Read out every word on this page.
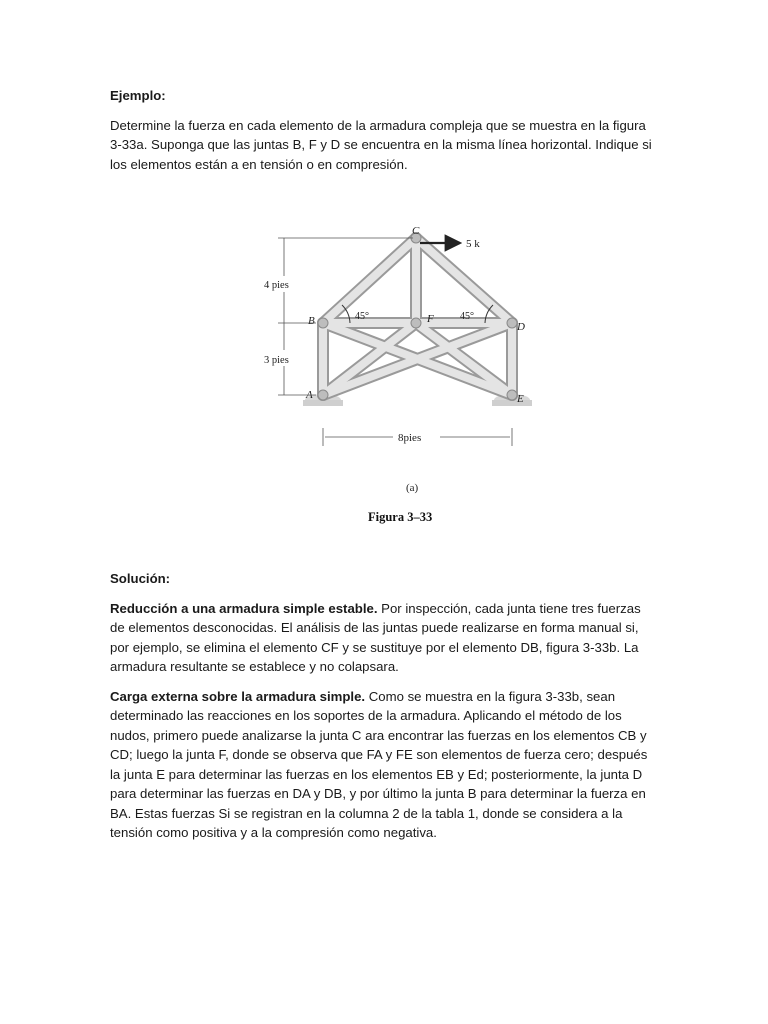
Ejemplo:

Determine la fuerza en cada elemento de la armadura compleja que se muestra en la figura 3-33a. Suponga que las juntas B, F y D se encuentra en la misma línea horizontal. Indique si los elementos están a en tensión o en compresión.

5 k
45°	45°
C
B	F
D
A	E
4 pies
3 pies
8pies
(a)
Figura 3–33

Solución:

Reducción a una armadura simple estable. Por inspección, cada junta tiene tres fuerzas de elementos desconocidas. El análisis de las juntas puede realizarse en forma manual si, por ejemplo, se elimina el elemento CF y se sustituye por el elemento DB, figura 3-33b. La armadura resultante se establece y no colapsara.

Carga externa sobre la armadura simple. Como se muestra en la figura 3-33b, sean determinado las reacciones en los soportes de la armadura. Aplicando el método de los nudos, primero puede analizarse la junta C ara encontrar las fuerzas en los elementos CB y CD; luego la junta F, donde se observa que FA y FE son elementos de fuerza cero; después la junta E para determinar las fuerzas en los elementos EB y Ed; posteriormente, la junta D para determinar las fuerzas en DA y DB, y por último la junta B para determinar la fuerza en BA. Estas fuerzas Si se registran en la columna 2 de la tabla 1, donde se considera a la tensión como positiva y a la compresión como negativa.
